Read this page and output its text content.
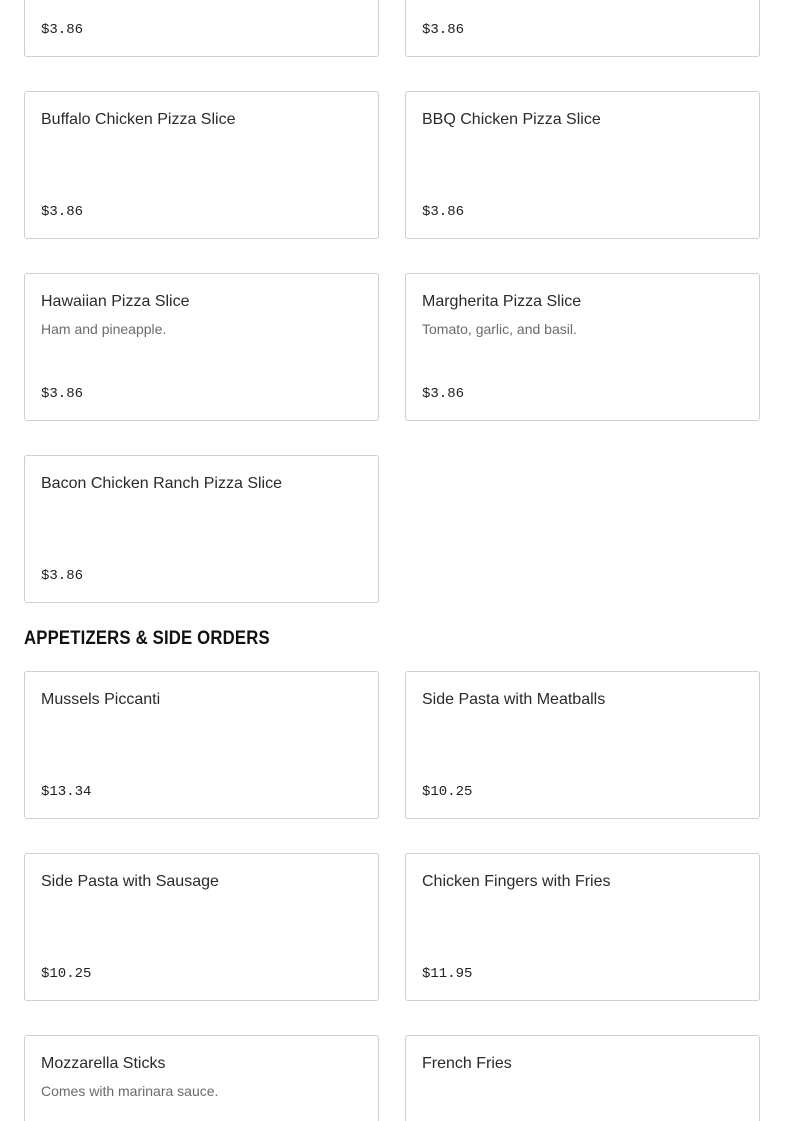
$3.86	$3.86
Buffalo Chicken Pizza Slice
$3.86
BBQ Chicken Pizza Slice
$3.86
Hawaiian Pizza Slice
Ham and pineapple.
$3.86
Margherita Pizza Slice
Tomato, garlic, and basil.
$3.86
Bacon Chicken Ranch Pizza Slice
$3.86
APPETIZERS & SIDE ORDERS
Mussels Piccanti
$13.34
Side Pasta with Meatballs
$10.25
Side Pasta with Sausage
$10.25
Chicken Fingers with Fries
$11.95
Mozzarella Sticks
Comes with marinara sauce.
French Fries
